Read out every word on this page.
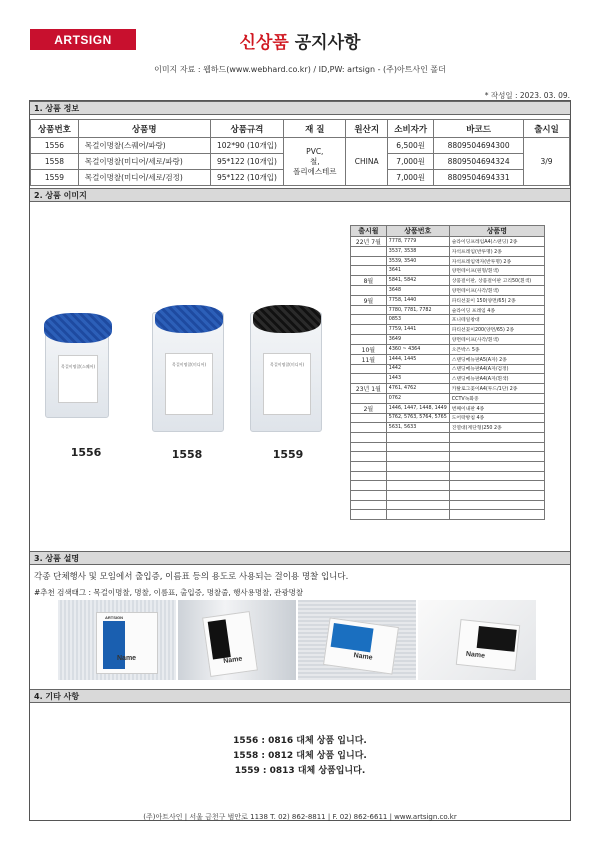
ARTSIGN	신상품 공지사항
이미지 자료 : 웹하드(www.webhard.co.kr) / ID,PW: artsign - (주)아트사인 폴더
* 작성일 : 2023. 03. 09.
1. 상품 정보
상품번호	상품명	상품규격	재 질	원산지	소비자가	바코드	출시일
1556	목걸이명찰(스퀘어/파랑)	102*90 (10개입)	PVC,
철,
폴리에스테르	CHINA	6,500원	8809504694300	3/9
1558	목걸이명찰(미디어/세로/파랑)	95*122 (10개입)			7,000원	8809504694324	
1559	목걸이명찰(미디어/세로/검정)	95*122 (10개입)			7,000원	8809504694331	
2. 상품 이미지
목걸이명찰(스퀘어)
1556
목걸이명찰(미디어)
1558
목걸이명찰(미디어)
1559
출시월	상품번호	상품명
22년 7월	7778, 7779	슬라이딩프레임A4(스탠딩) 2종
	3537, 3538	자석프레임(반투명) 2종
	3539, 3540	자석프레임액자(반투명) 2종
	3641	양면테이프(원형/흰색)
8월	5841, 5842	상품걸이판, 상품걸이판 고리50(흰색)
	3648	양면테이프(사각/흰색)
9월	7758, 1440	파티션꽂이 150(양면/65) 2종
	7780, 7781, 7782	슬라이딩 프레임 4종
	0853	포니테일창대
	7759, 1441	파티션꽂이200(양면/65) 2종
	3649	양면테이프(사각/흰색)
10월	4360 ~ 4364	오픈박스 5종
11월	1444, 1445	스탠딩메뉴판A5(A자) 2종
	1442	스탠딩메뉴판A4(A자/검정)
	1443	스탠딩메뉴판A4(A자/흰색)
23년 1월	4761, 4762	카탈로그꽂이A4(투드/1단) 2종
	0762	CCTV녹화중
2월	1446, 1447, 1448, 1449	번째이내판 4종
	5762, 5763, 5764, 5765	도어락방침 4종
	5631, 5633	진열대(계단형)250 2종

3. 상품 설명
각종 단체행사 및 모임에서 출입증, 이름표 등의 용도로 사용되는 걸이용 명찰 입니다.
#추천 검색태그 : 목걸이명찰, 명찰, 이름표, 출입증, 명찰줄, 행사용명찰, 관광명찰
ARTSIGN
Name	Name	Name	Name
4. 기타 사항
1556 : 0816 대체 상품 입니다.
1558 : 0812 대체 상품 입니다.
1559 : 0813 대체 상품입니다.
(주)아트사인 | 서울 금천구 범안로 1138 T. 02) 862-8811 | F. 02) 862-6611 | www.artsign.co.kr
